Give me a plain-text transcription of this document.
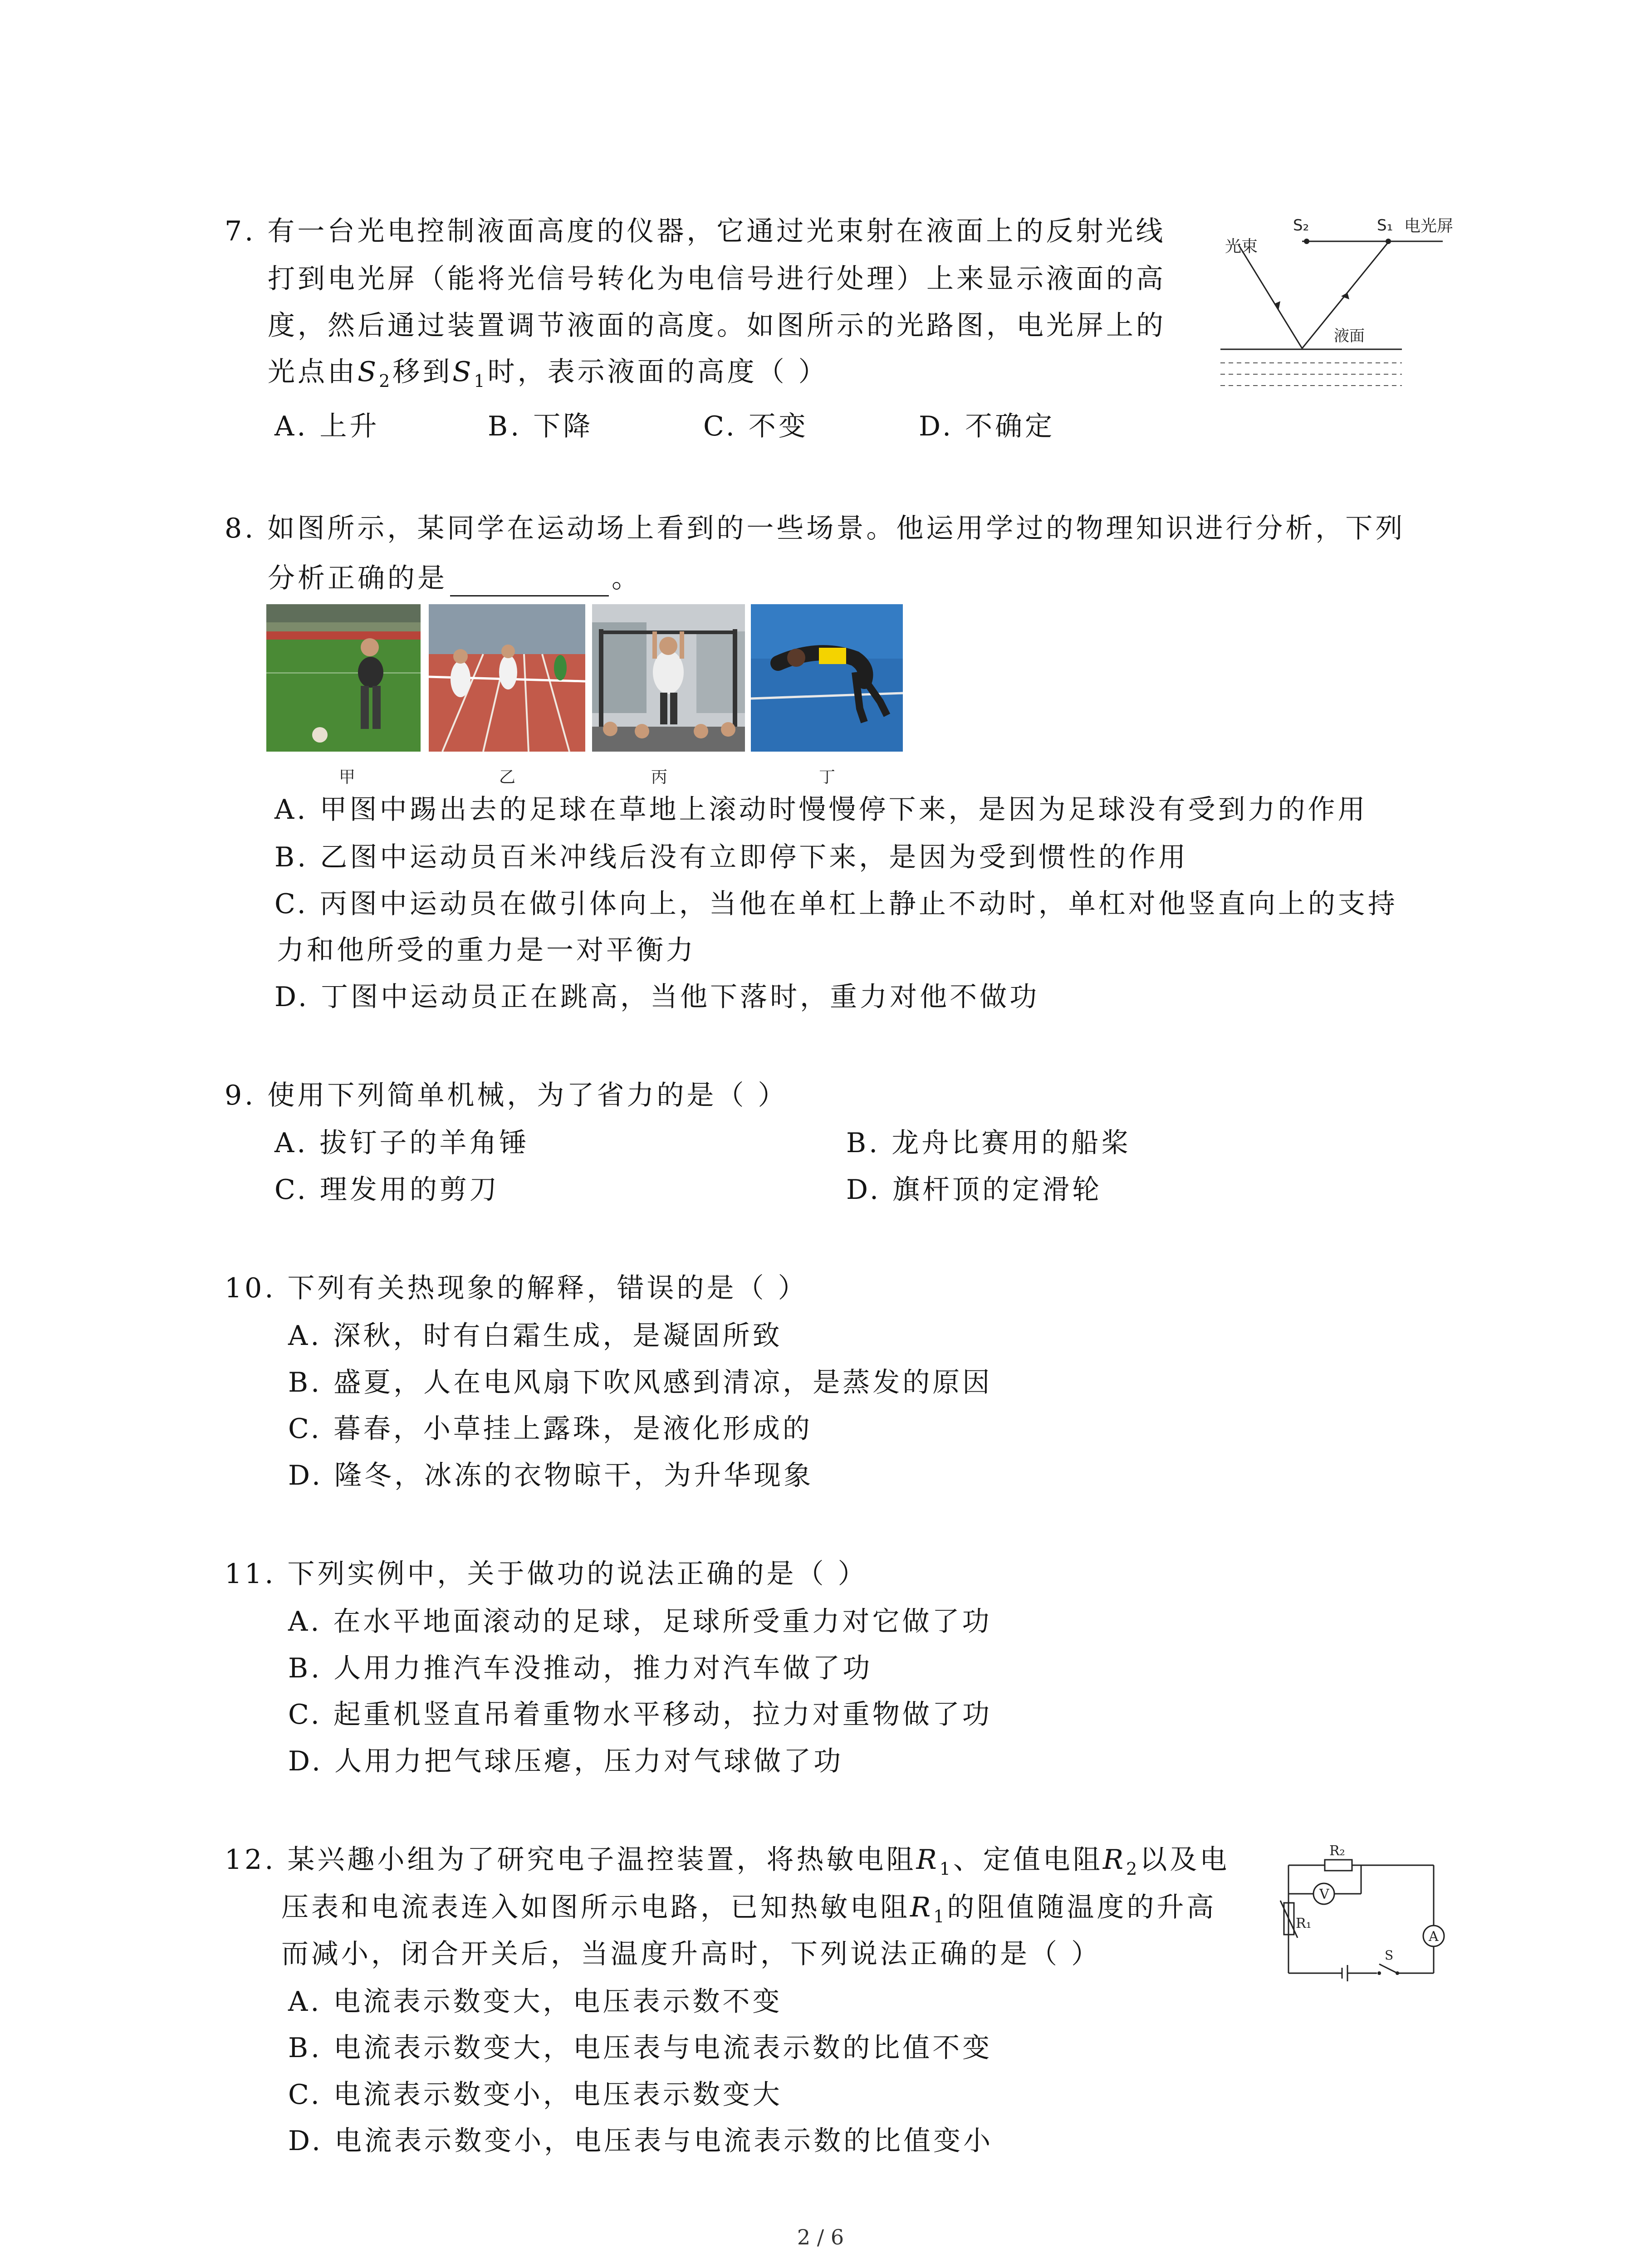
7. 有一台光电控制液面高度的仪器，它通过光束射在液面上的反射光线
打到电光屏（能将光信号转化为电信号进行处理）上来显示液面的高
度，然后通过装置调节液面的高度。如图所示的光路图，电光屏上的
光点由$S_2$移到$S_1$时，表示液面的高度（ ）
A. 上升	B. 下降	C. 不变	D. 不确定
光束
S₂	S₁ 电光屏
液面
8. 如图所示，某同学在运动场上看到的一些场景。他运用学过的物理知识进行分析，下列
分析正确的是	。
甲	乙	丙	丁
A. 甲图中踢出去的足球在草地上滚动时慢慢停下来，是因为足球没有受到力的作用
B. 乙图中运动员百米冲线后没有立即停下来，是因为受到惯性的作用
C. 丙图中运动员在做引体向上，当他在单杠上静止不动时，单杠对他竖直向上的支持
力和他所受的重力是一对平衡力
D. 丁图中运动员正在跳高，当他下落时，重力对他不做功
9. 使用下列简单机械，为了省力的是（ ）
A. 拔钉子的羊角锤	B. 龙舟比赛用的船桨
C. 理发用的剪刀	D. 旗杆顶的定滑轮
10. 下列有关热现象的解释，错误的是（ ）
A. 深秋，时有白霜生成，是凝固所致
B. 盛夏，人在电风扇下吹风感到清凉，是蒸发的原因
C. 暮春，小草挂上露珠，是液化形成的
D. 隆冬，冰冻的衣物晾干，为升华现象
11. 下列实例中，关于做功的说法正确的是（ ）
A. 在水平地面滚动的足球，足球所受重力对它做了功
B. 人用力推汽车没推动，推力对汽车做了功
C. 起重机竖直吊着重物水平移动，拉力对重物做了功
D. 人用力把气球压瘪，压力对气球做了功
12. 某兴趣小组为了研究电子温控装置，将热敏电阻$R_1$、定值电阻$R_2$以及电
压表和电流表连入如图所示电路，已知热敏电阻$R_1$的阻值随温度的升高
而减小，闭合开关后，当温度升高时，下列说法正确的是（ ）
A. 电流表示数变大，电压表示数不变
B. 电流表示数变大，电压表与电流表示数的比值不变
C. 电流表示数变小，电压表示数变大
D. 电流表示数变小，电压表与电流表示数的比值变小
R₂
R₁
V
A
S
2 / 6
